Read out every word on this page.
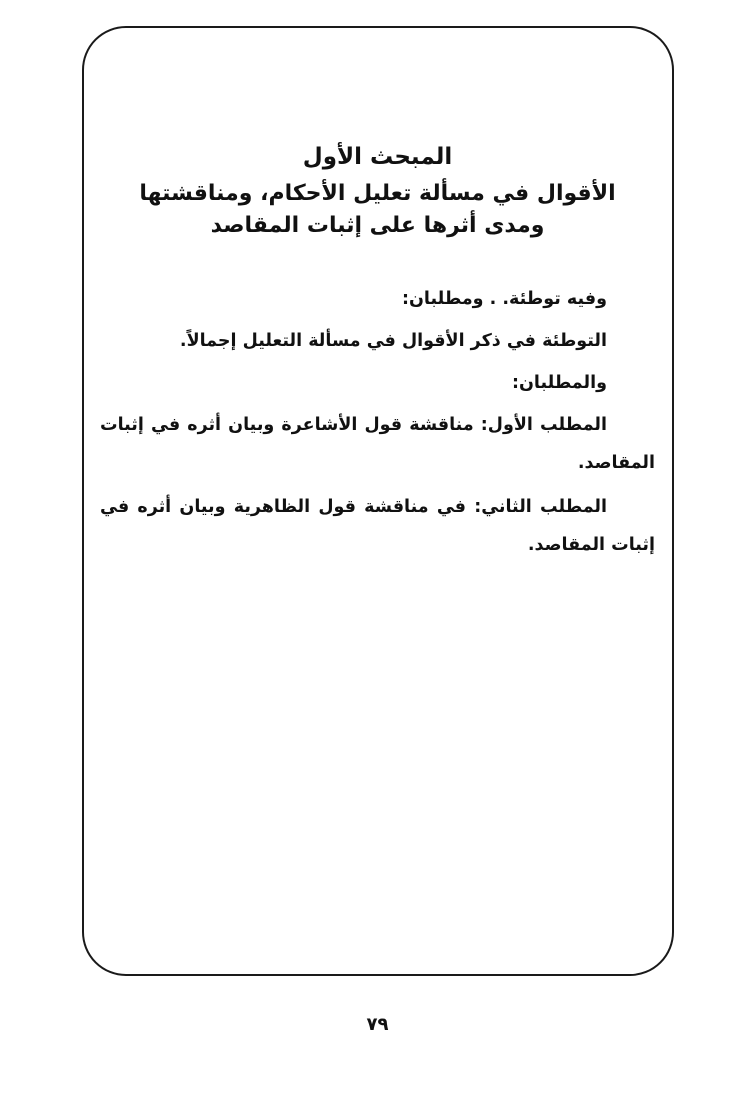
المبحث الأول
الأقوال في مسألة تعليل الأحكام، ومناقشتها
ومدى أثرها على إثبات المقاصد

وفيه توطئة. . ومطلبان:

التوطئة في ذكر الأقوال في مسألة التعليل إجمالاً.

والمطلبان:

المطلب الأول: مناقشة قول الأشاعرة وبيان أثره في إثبات المقاصد.

المطلب الثاني: في مناقشة قول الظاهرية وبيان أثره في إثبات المقاصد.

٧٩
